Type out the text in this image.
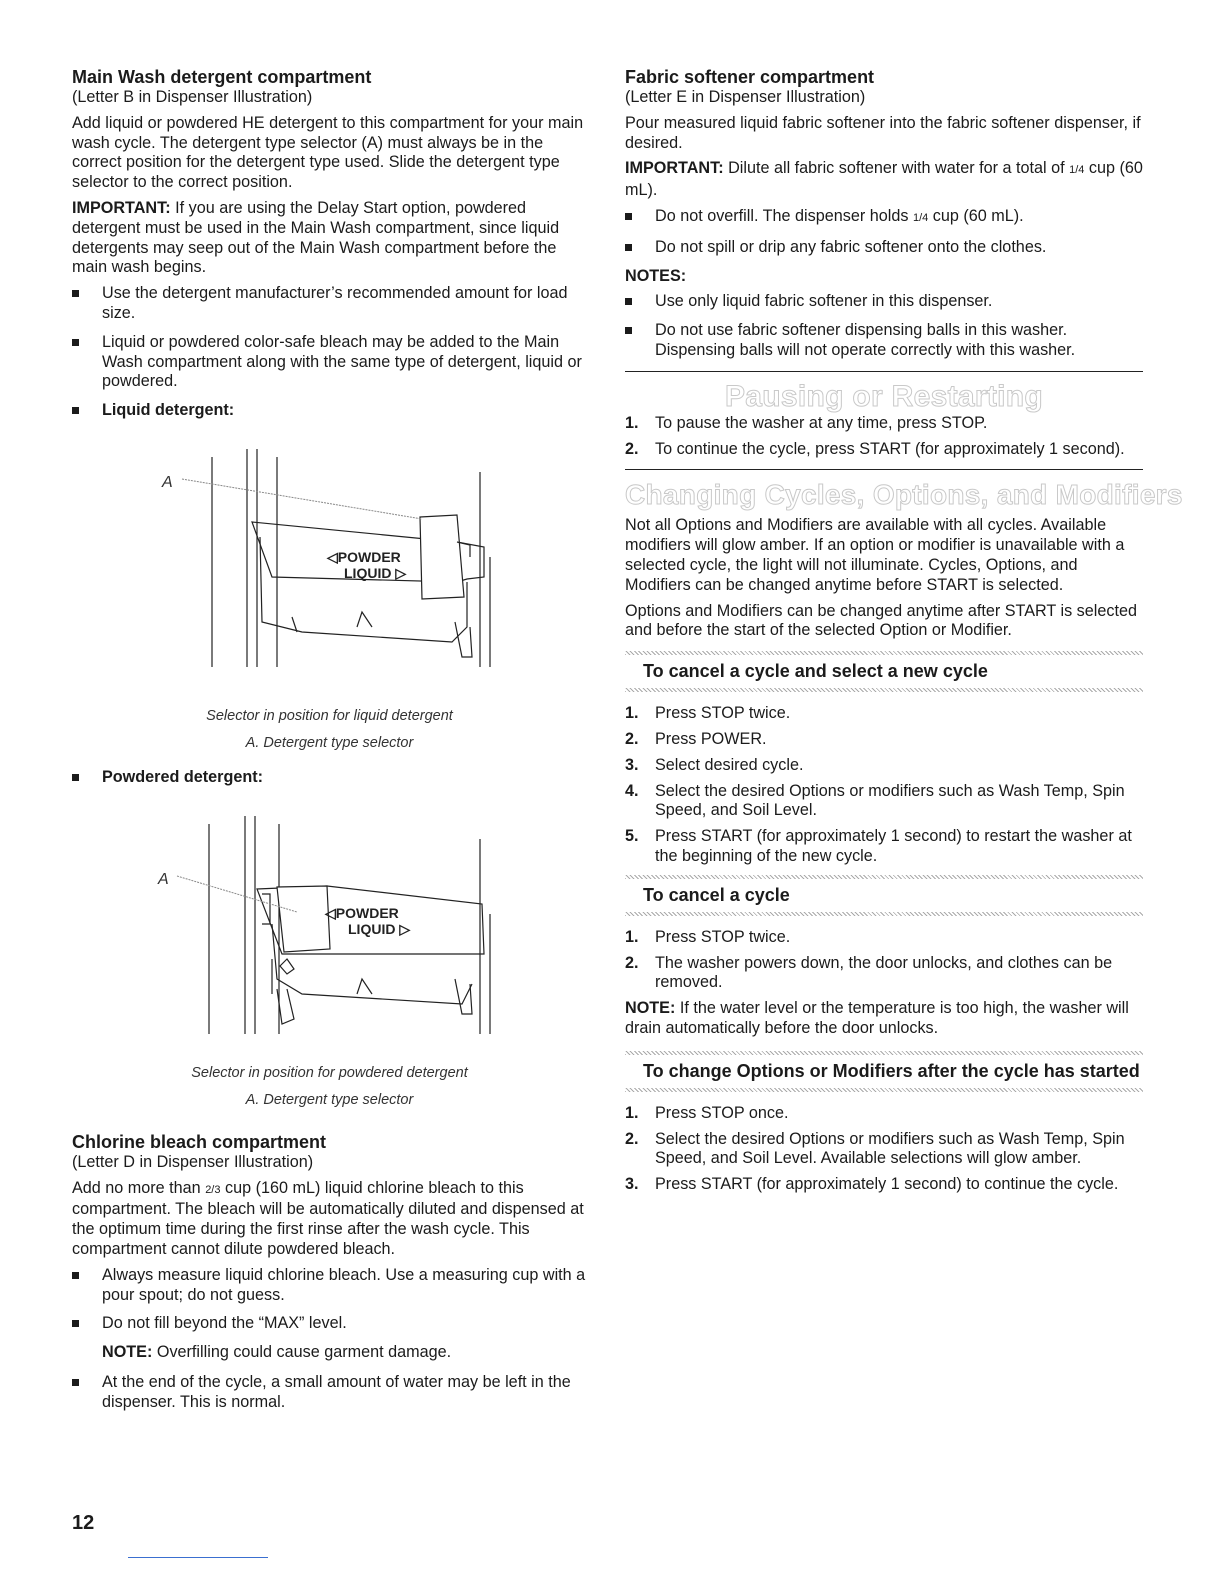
Main Wash detergent compartment

(Letter B in Dispenser Illustration)

Add liquid or powdered HE detergent to this compartment for your main wash cycle. The detergent type selector (A) must always be in the correct position for the detergent type used. Slide the detergent type selector to the correct position.

IMPORTANT: If you are using the Delay Start option, powdered detergent must be used in the Main Wash compartment, since liquid detergents may seep out of the Main Wash compartment before the main wash begins.

Use the detergent manufacturer’s recommended amount for load size.
Liquid or powdered color-safe bleach may be added to the Main Wash compartment along with the same type of detergent, liquid or powdered.
Liquid detergent:
A
◁POWDER
LIQUID ▷
Selector in position for liquid detergent
A. Detergent type selector
Powdered detergent:
A
◁POWDER
LIQUID ▷
Selector in position for powdered detergent
A. Detergent type selector
Chlorine bleach compartment

(Letter D in Dispenser Illustration)

Add no more than 2/3 cup (160 mL) liquid chlorine bleach to this compartment. The bleach will be automatically diluted and dispensed at the optimum time during the first rinse after the wash cycle. This compartment cannot dilute powdered bleach.

Always measure liquid chlorine bleach. Use a measuring cup with a pour spout; do not guess.
Do not fill beyond the “MAX” level.

NOTE: Overfilling could cause garment damage.

At the end of the cycle, a small amount of water may be left in the dispenser. This is normal.
Fabric softener compartment

(Letter E in Dispenser Illustration)

Pour measured liquid fabric softener into the fabric softener dispenser, if desired.

IMPORTANT: Dilute all fabric softener with water for a total of 1/4 cup (60 mL).

Do not overfill. The dispenser holds 1/4 cup (60 mL).
Do not spill or drip any fabric softener onto the clothes.

NOTES:

Use only liquid fabric softener in this dispenser.
Do not use fabric softener dispensing balls in this washer. Dispensing balls will not operate correctly with this washer.
Pausing or Restarting
1. To pause the washer at any time, press STOP.
2. To continue the cycle, press START (for approximately 1 second).
Changing Cycles, Options, and Modifiers

Not all Options and Modifiers are available with all cycles. Available modifiers will glow amber. If an option or modifier is unavailable with a selected cycle, the light will not illuminate. Cycles, Options, and Modifiers can be changed anytime before START is selected.

Options and Modifiers can be changed anytime after START is selected and before the start of the selected Option or Modifier.

To cancel a cycle and select a new cycle
1. Press STOP twice.
2. Press POWER.
3. Select desired cycle.
4. Select the desired Options or modifiers such as Wash Temp, Spin Speed, and Soil Level.
5. Press START (for approximately 1 second) to restart the washer at the beginning of the new cycle.
To cancel a cycle
1. Press STOP twice.
2. The washer powers down, the door unlocks, and clothes can be removed.

NOTE: If the water level or the temperature is too high, the washer will drain automatically before the door unlocks.

To change Options or Modifiers after the cycle has started
1. Press STOP once.
2. Select the desired Options or modifiers such as Wash Temp, Spin Speed, and Soil Level. Available selections will glow amber.
3. Press START (for approximately 1 second) to continue the cycle.
12
